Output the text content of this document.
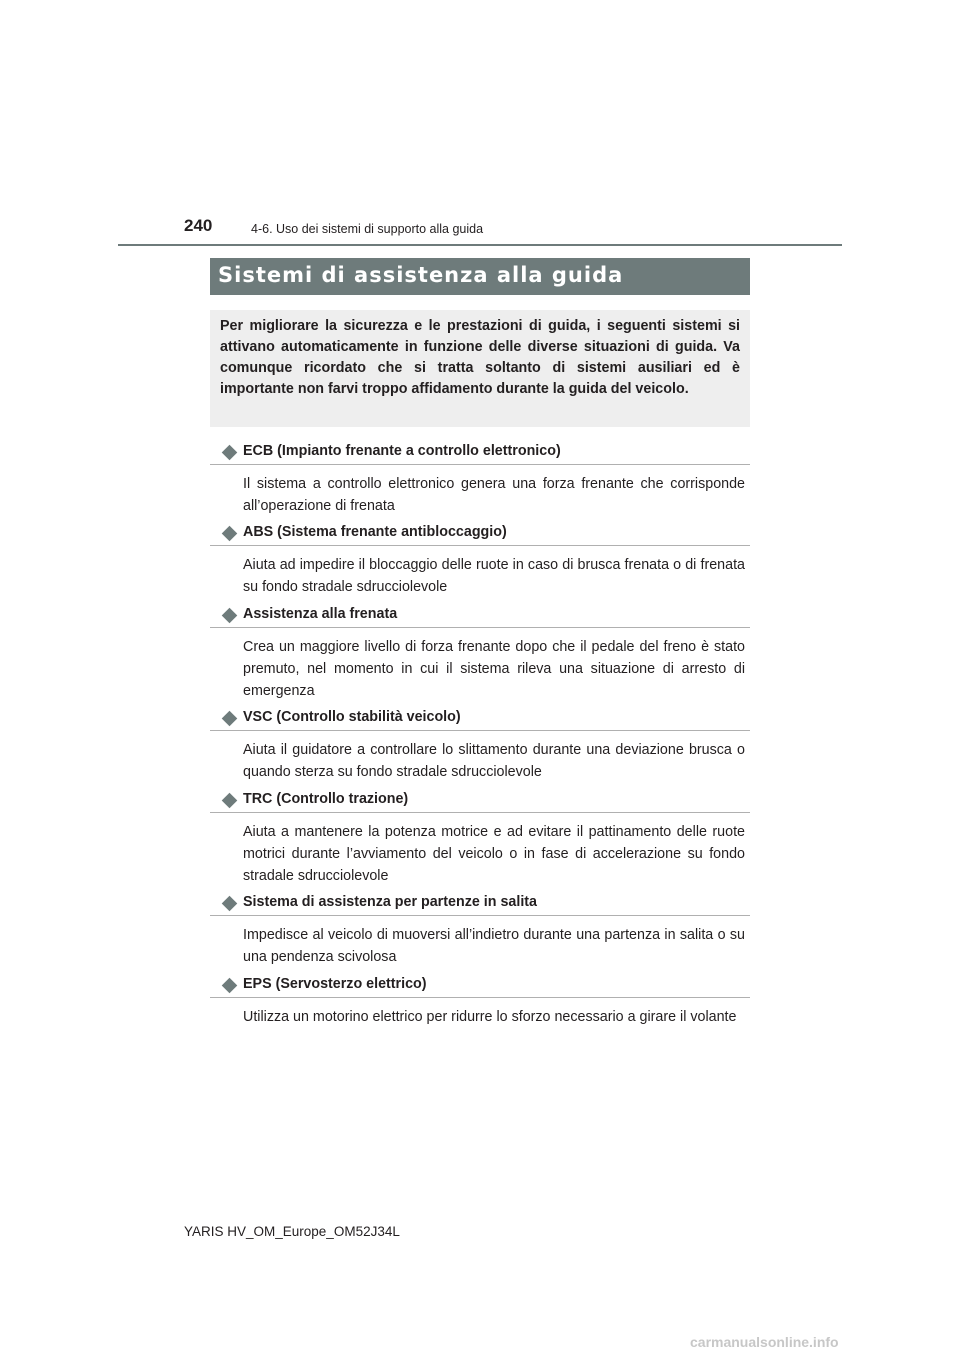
240	4-6. Uso dei sistemi di supporto alla guida
Sistemi di assistenza alla guida
Per migliorare la sicurezza e le prestazioni di guida, i seguenti sistemi si attivano automaticamente in funzione delle diverse situazioni di guida. Va comunque ricordato che si tratta soltanto di sistemi ausiliari ed è importante non farvi troppo affidamento durante la guida del veicolo.
ECB (Impianto frenante a controllo elettronico)
Il sistema a controllo elettronico genera una forza frenante che corrisponde all’operazione di frenata
ABS (Sistema frenante antibloccaggio)
Aiuta ad impedire il bloccaggio delle ruote in caso di brusca frenata o di frenata su fondo stradale sdrucciolevole
Assistenza alla frenata
Crea un maggiore livello di forza frenante dopo che il pedale del freno è stato premuto, nel momento in cui il sistema rileva una situazione di arresto di emergenza
VSC (Controllo stabilità veicolo)
Aiuta il guidatore a controllare lo slittamento durante una deviazione brusca o quando sterza su fondo stradale sdrucciolevole
TRC (Controllo trazione)
Aiuta a mantenere la potenza motrice e ad evitare il pattinamento delle ruote motrici durante l’avviamento del veicolo o in fase di accelerazione su fondo stradale sdrucciolevole
Sistema di assistenza per partenze in salita
Impedisce al veicolo di muoversi all’indietro durante una partenza in salita o su una pendenza scivolosa
EPS (Servosterzo elettrico)
Utilizza un motorino elettrico per ridurre lo sforzo necessario a girare il volante
YARIS HV_OM_Europe_OM52J34L
carmanualsonline.info
